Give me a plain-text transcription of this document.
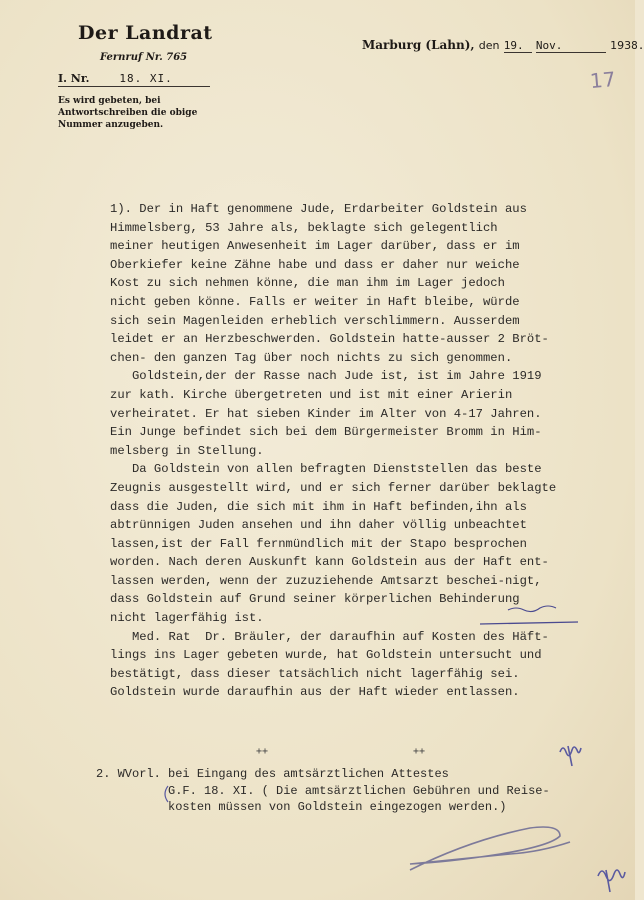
Der Landrat
Fernruf Nr. 765
I. Nr.	18. XI.
Es wird gebeten, bei Antwortschreiben die obige Nummer anzugeben.
Marburg (Lahn), den 19. Nov.	1938.
17
1). Der in Haft genommene Jude, Erdarbeiter Goldstein aus
Himmelsberg, 53 Jahre als, beklagte sich gelegentlich
meiner heutigen Anwesenheit im Lager darüber, dass er im
Oberkiefer keine Zähne habe und dass er daher nur weiche
Kost zu sich nehmen könne, die man ihm im Lager jedoch
nicht geben könne. Falls er weiter in Haft bleibe, würde
sich sein Magenleiden erheblich verschlimmern. Ausserdem
leidet er an Herzbeschwerden. Goldstein hatte-ausser 2 Bröt-
chen- den ganzen Tag über noch nichts zu sich genommen.
Goldstein,der der Rasse nach Jude ist, ist im Jahre 1919
zur kath. Kirche übergetreten und ist mit einer Arierin
verheiratet. Er hat sieben Kinder im Alter von 4-17 Jahren.
Ein Junge befindet sich bei dem Bürgermeister Bromm in Him-
melsberg in Stellung.
Da Goldstein von allen befragten Dienststellen das beste
Zeugnis ausgestellt wird, und er sich ferner darüber beklagte
dass die Juden, die sich mit ihm in Haft befinden,ihn als
abtrünnigen Juden ansehen und ihn daher völlig unbeachtet
lassen,ist der Fall fernmündlich mit der Stapo besprochen
worden. Nach deren Auskunft kann Goldstein aus der Haft ent-
lassen werden, wenn der zuzuziehende Amtsarzt beschei-nigt,
dass Goldstein auf Grund seiner körperlichen Behinderung
nicht lagerfähig ist.
Med. Rat  Dr. Bräuler, der daraufhin auf Kosten des Häft-
lings ins Lager gebeten wurde, hat Goldstein untersucht und
bestätigt, dass dieser tatsächlich nicht lagerfähig sei.
Goldstein wurde daraufhin aus der Haft wieder entlassen.
++	++
2. WVorl. bei Eingang des amtsärztlichen Attestes
G.F. 18. XI. ( Die amtsärztlichen Gebühren und Reise-
kosten müssen von Goldstein eingezogen werden.)
